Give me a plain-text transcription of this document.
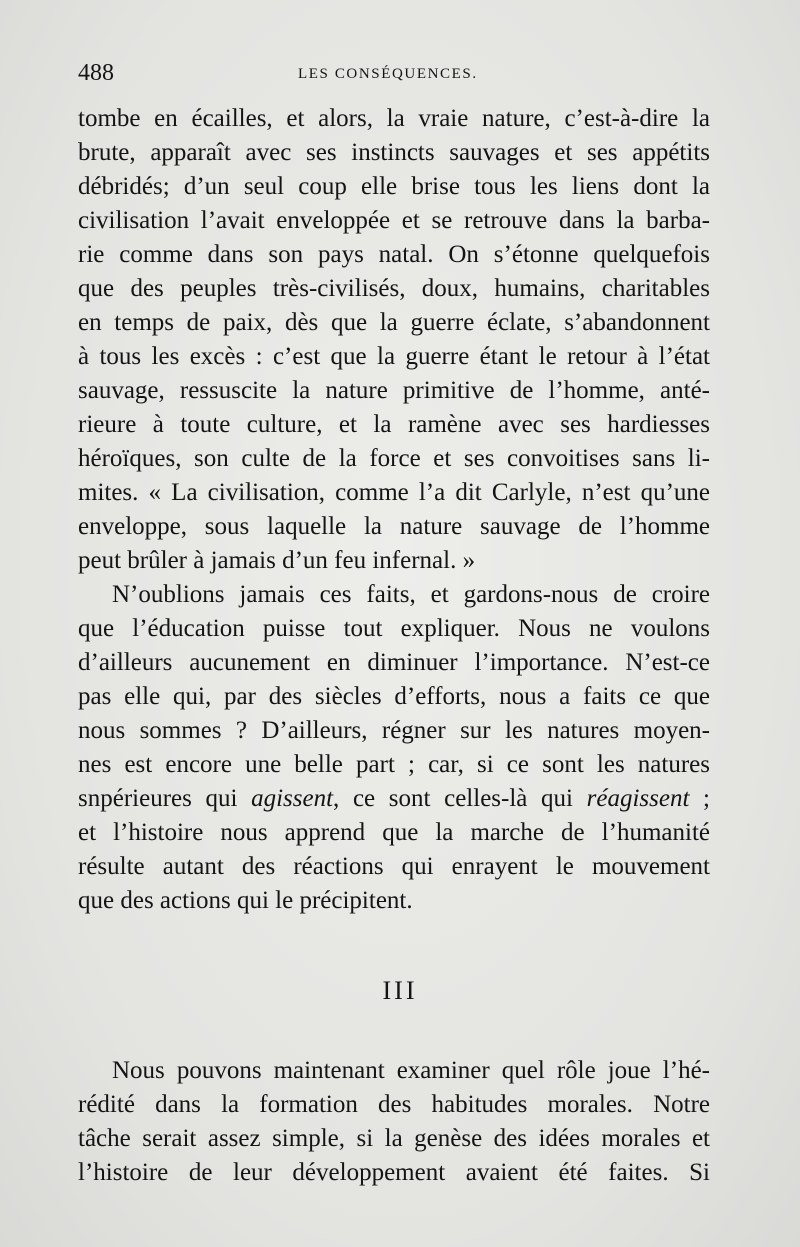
488	LES CONSÉQUENCES.
tombe en écailles, et alors, la vraie nature, c’est-à-dire la
brute, apparaît avec ses instincts sauvages et ses appétits
débridés; d’un seul coup elle brise tous les liens dont la
civilisation l’avait enveloppée et se retrouve dans la barba-
rie comme dans son pays natal. On s’étonne quelquefois
que des peuples très-civilisés, doux, humains, charitables
en temps de paix, dès que la guerre éclate, s’abandonnent
à tous les excès : c’est que la guerre étant le retour à l’état
sauvage, ressuscite la nature primitive de l’homme, anté-
rieure à toute culture, et la ramène avec ses hardiesses
héroïques, son culte de la force et ses convoitises sans li-
mites. « La civilisation, comme l’a dit Carlyle, n’est qu’une
enveloppe, sous laquelle la nature sauvage de l’homme
peut brûler à jamais d’un feu infernal. »
N’oublions jamais ces faits, et gardons-nous de croire
que l’éducation puisse tout expliquer. Nous ne voulons
d’ailleurs aucunement en diminuer l’importance. N’est-ce
pas elle qui, par des siècles d’efforts, nous a faits ce que
nous sommes ? D’ailleurs, régner sur les natures moyen-
nes est encore une belle part ; car, si ce sont les natures
snpérieures qui agissent, ce sont celles-là qui réagissent ;
et l’histoire nous apprend que la marche de l’humanité
résulte autant des réactions qui enrayent le mouvement
que des actions qui le précipitent.
III
Nous pouvons maintenant examiner quel rôle joue l’hé-
rédité dans la formation des habitudes morales. Notre
tâche serait assez simple, si la genèse des idées morales et
l’histoire de leur développement avaient été faites. Si
